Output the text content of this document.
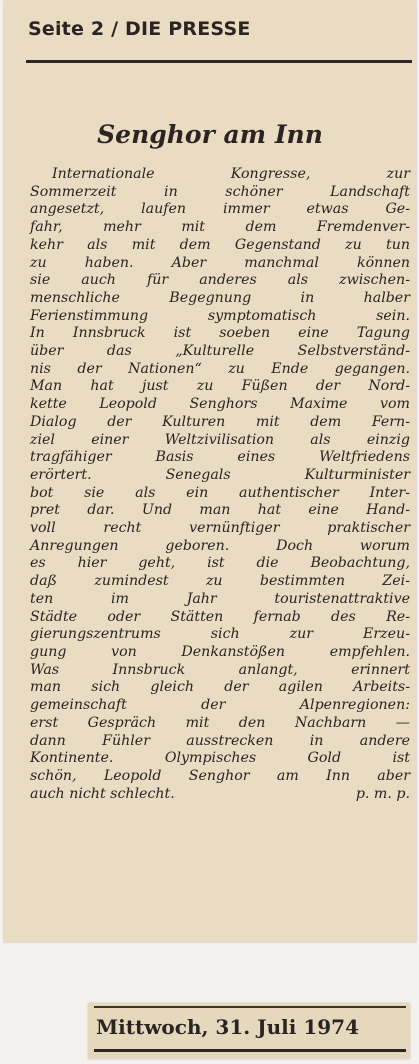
Seite 2 / DIE PRESSE
Senghor am Inn
Internationale Kongresse, zur
Sommerzeit in schöner Landschaft
angesetzt, laufen immer etwas Ge-
fahr, mehr mit dem Fremdenver-
kehr als mit dem Gegenstand zu tun
zu haben. Aber manchmal können
sie auch für anderes als zwischen-
menschliche Begegnung in halber
Ferienstimmung symptomatisch sein.
In Innsbruck ist soeben eine Tagung
über das „Kulturelle Selbstverständ-
nis der Nationen“ zu Ende gegangen.
Man hat just zu Füßen der Nord-
kette Leopold Senghors Maxime vom
Dialog der Kulturen mit dem Fern-
ziel einer Weltzivilisation als einzig
tragfähiger Basis eines Weltfriedens
erörtert. Senegals Kulturminister
bot sie als ein authentischer Inter-
pret dar. Und man hat eine Hand-
voll recht vernünftiger praktischer
Anregungen geboren. Doch worum
es hier geht, ist die Beobachtung,
daß zumindest zu bestimmten Zei-
ten im Jahr touristenattraktive
Städte oder Stätten fernab des Re-
gierungszentrums sich zur Erzeu-
gung von Denkanstößen empfehlen.
Was Innsbruck anlangt, erinnert
man sich gleich der agilen Arbeits-
gemeinschaft der Alpenregionen:
erst Gespräch mit den Nachbarn —
dann Fühler ausstrecken in andere
Kontinente. Olympisches Gold ist
schön, Leopold Senghor am Inn aber
auch nicht schlecht.	p. m. p.
Mittwoch, 31. Juli 1974
